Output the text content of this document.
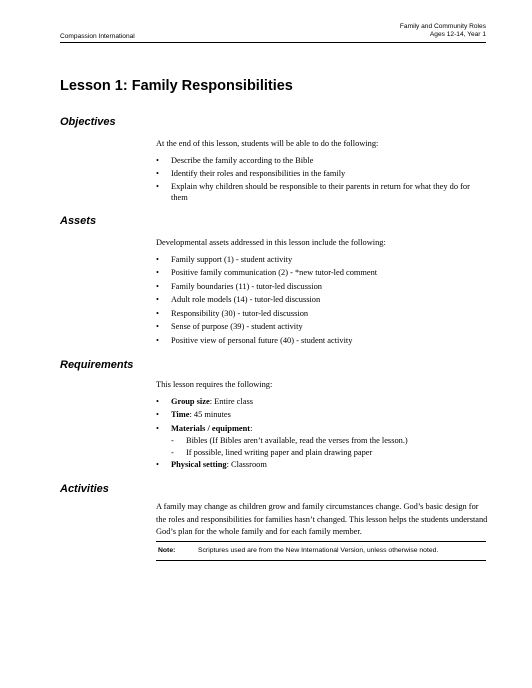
Compassion International
Family and Community Roles
Ages 12-14, Year 1
Lesson 1: Family Responsibilities
Objectives

At the end of this lesson, students will be able to do the following:

• Describe the family according to the Bible
• Identify their roles and responsibilities in the family
• Explain why children should be responsible to their parents in return for what they do for them
Assets

Developmental assets addressed in this lesson include the following:

• Family support (1) - student activity
• Positive family communication (2) - *new tutor-led comment
• Family boundaries (11) - tutor-led discussion
• Adult role models (14) - tutor-led discussion
• Responsibility (30) - tutor-led discussion
• Sense of purpose (39) - student activity
• Positive view of personal future (40) - student activity
Requirements

This lesson requires the following:

• Group size: Entire class
• Time: 45 minutes
• Materials / equipment:
- Bibles (If Bibles aren’t available, read the verses from the lesson.)
- If possible, lined writing paper and plain drawing paper
• Physical setting: Classroom
Activities

A family may change as children grow and family circumstances change. God’s basic design for the roles and responsibilities for families hasn’t changed. This lesson helps the students understand God’s plan for the whole family and for each family member.

Note:	Scriptures used are from the New International Version, unless otherwise noted.
